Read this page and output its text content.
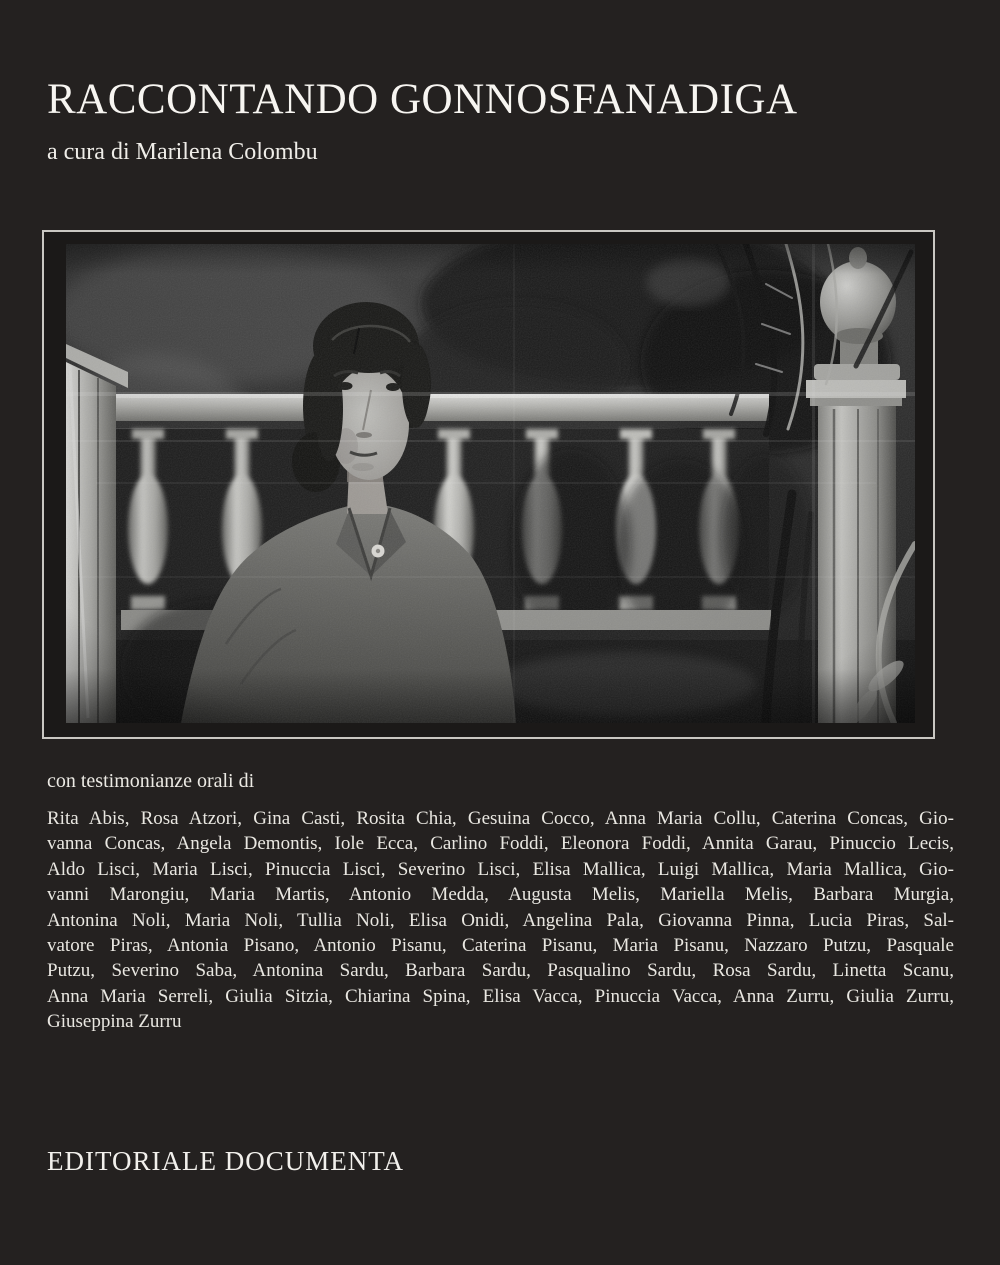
RACCONTANDO GONNOSFANADIGA
a cura di Marilena Colombu
con testimonianze orali di
Rita Abis, Rosa Atzori, Gina Casti, Rosita Chia, Gesuina Cocco, Anna Maria Collu, Caterina Concas, Gio-
vanna Concas, Angela Demontis, Iole Ecca, Carlino Foddi, Eleonora Foddi, Annita Garau, Pinuccio Lecis,
Aldo Lisci, Maria Lisci, Pinuccia Lisci, Severino Lisci, Elisa Mallica, Luigi Mallica, Maria Mallica, Gio-
vanni Marongiu, Maria Martis, Antonio Medda, Augusta Melis, Mariella Melis, Barbara Murgia,
Antonina Noli, Maria Noli, Tullia Noli, Elisa Onidi, Angelina Pala, Giovanna Pinna, Lucia Piras, Sal-
vatore Piras, Antonia Pisano, Antonio Pisanu, Caterina Pisanu, Maria Pisanu, Nazzaro Putzu, Pasquale
Putzu, Severino Saba, Antonina Sardu, Barbara Sardu, Pasqualino Sardu, Rosa Sardu, Linetta Scanu,
Anna Maria Serreli, Giulia Sitzia, Chiarina Spina, Elisa Vacca, Pinuccia Vacca, Anna Zurru, Giulia Zurru,
Giuseppina Zurru
EDITORIALE DOCUMENTA
